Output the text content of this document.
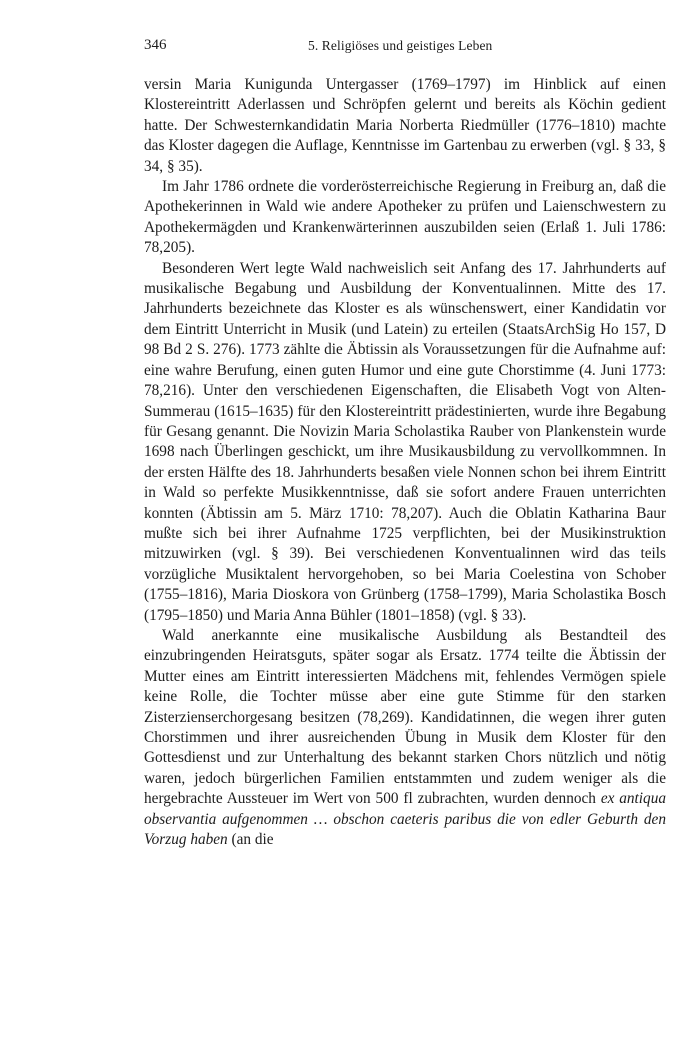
346	5. Religiöses und geistiges Leben

versin Maria Kunigunda Untergasser (1769–1797) im Hinblick auf einen Klostereintritt Aderlassen und Schröpfen gelernt und bereits als Köchin gedient hatte. Der Schwesternkandidatin Maria Norberta Riedmüller (1776–1810) machte das Kloster dagegen die Auflage, Kenntnisse im Gartenbau zu erwerben (vgl. § 33, § 34, § 35).

Im Jahr 1786 ordnete die vorderösterreichische Regierung in Freiburg an, daß die Apothekerinnen in Wald wie andere Apotheker zu prüfen und Laienschwestern zu Apothekermägden und Krankenwärterinnen auszubilden seien (Erlaß 1. Juli 1786: 78,205).

Besonderen Wert legte Wald nachweislich seit Anfang des 17. Jahrhunderts auf musikalische Begabung und Ausbildung der Konventualinnen. Mitte des 17. Jahrhunderts bezeichnete das Kloster es als wünschenswert, einer Kandidatin vor dem Eintritt Unterricht in Musik (und Latein) zu erteilen (StaatsArchSig Ho 157, D 98 Bd 2 S. 276). 1773 zählte die Äbtissin als Voraussetzungen für die Aufnahme auf: eine wahre Berufung, einen guten Humor und eine gute Chorstimme (4. Juni 1773: 78,216). Unter den verschiedenen Eigenschaften, die Elisabeth Vogt von Alten-Summerau (1615–1635) für den Klostereintritt prädestinierten, wurde ihre Begabung für Gesang genannt. Die Novizin Maria Scholastika Rauber von Plankenstein wurde 1698 nach Überlingen geschickt, um ihre Musikausbildung zu vervollkommnen. In der ersten Hälfte des 18. Jahrhunderts besaßen viele Nonnen schon bei ihrem Eintritt in Wald so perfekte Musikkenntnisse, daß sie sofort andere Frauen unterrichten konnten (Äbtissin am 5. März 1710: 78,207). Auch die Oblatin Katharina Baur mußte sich bei ihrer Aufnahme 1725 verpflichten, bei der Musikinstruktion mitzuwirken (vgl. § 39). Bei verschiedenen Konventualinnen wird das teils vorzügliche Musiktalent hervorgehoben, so bei Maria Coelestina von Schober (1755–1816), Maria Dioskora von Grünberg (1758–1799), Maria Scholastika Bosch (1795–1850) und Maria Anna Bühler (1801–1858) (vgl. § 33).

Wald anerkannte eine musikalische Ausbildung als Bestandteil des einzubringenden Heiratsguts, später sogar als Ersatz. 1774 teilte die Äbtissin der Mutter eines am Eintritt interessierten Mädchens mit, fehlendes Vermögen spiele keine Rolle, die Tochter müsse aber eine gute Stimme für den starken Zisterzienserchorgesang besitzen (78,269). Kandidatinnen, die wegen ihrer guten Chorstimmen und ihrer ausreichenden Übung in Musik dem Kloster für den Gottesdienst und zur Unterhaltung des bekannt starken Chors nützlich und nötig waren, jedoch bürgerlichen Familien entstammten und zudem weniger als die hergebrachte Aussteuer im Wert von 500 fl zubrachten, wurden dennoch ex antiqua observantia aufgenommen … obschon caeteris paribus die von edler Geburth den Vorzug haben (an die
